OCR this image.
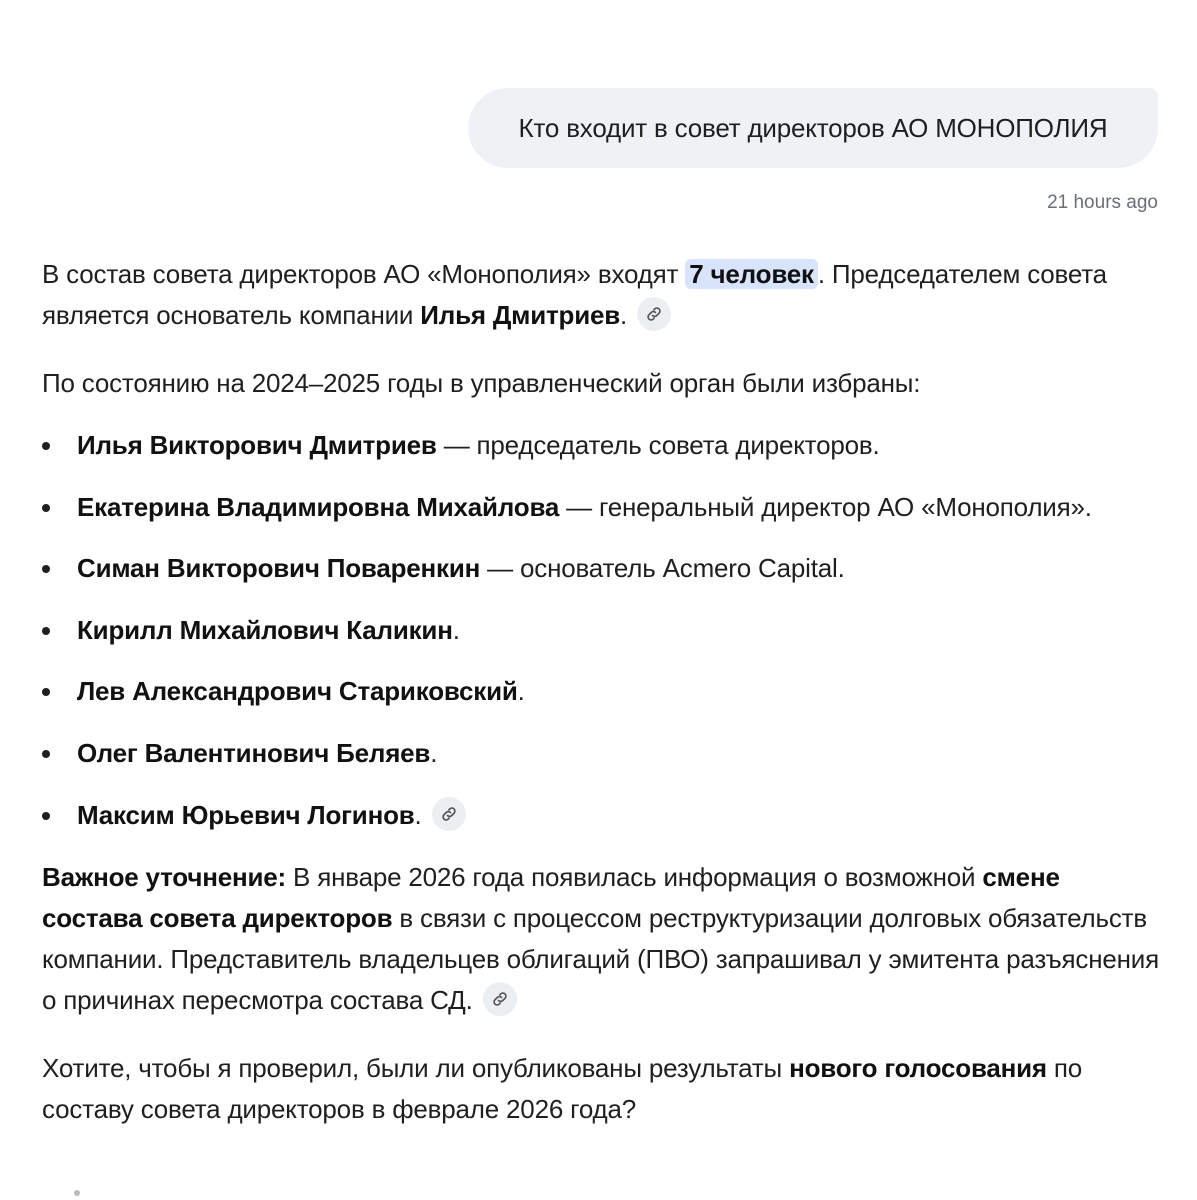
Кто входит в совет директоров АО МОНОПОЛИЯ
21 hours ago

В состав совета директоров АО «Монополия» входят 7 человек . Председателем совета является основатель компании Илья Дмитриев.

По состоянию на 2024–2025 годы в управленческий орган были избраны:

Илья Викторович Дмитриев — председатель совета директоров.
Екатерина Владимировна Михайлова — генеральный директор АО «Монополия».
Симан Викторович Поваренкин — основатель Acmero Capital.
Кирилл Михайлович Каликин.
Лев Александрович Стариковский.
Олег Валентинович Беляев.
Максим Юрьевич Логинов.

Важное уточнение: В январе 2026 года появилась информация о возможной смене состава совета директоров в связи с процессом реструктуризации долговых обязательств компании. Представитель владельцев облигаций (ПВО) запрашивал у эмитента разъяснения о причинах пересмотра состава СД.

Хотите, чтобы я проверил, были ли опубликованы результаты нового голосования по составу совета директоров в феврале 2026 года?
